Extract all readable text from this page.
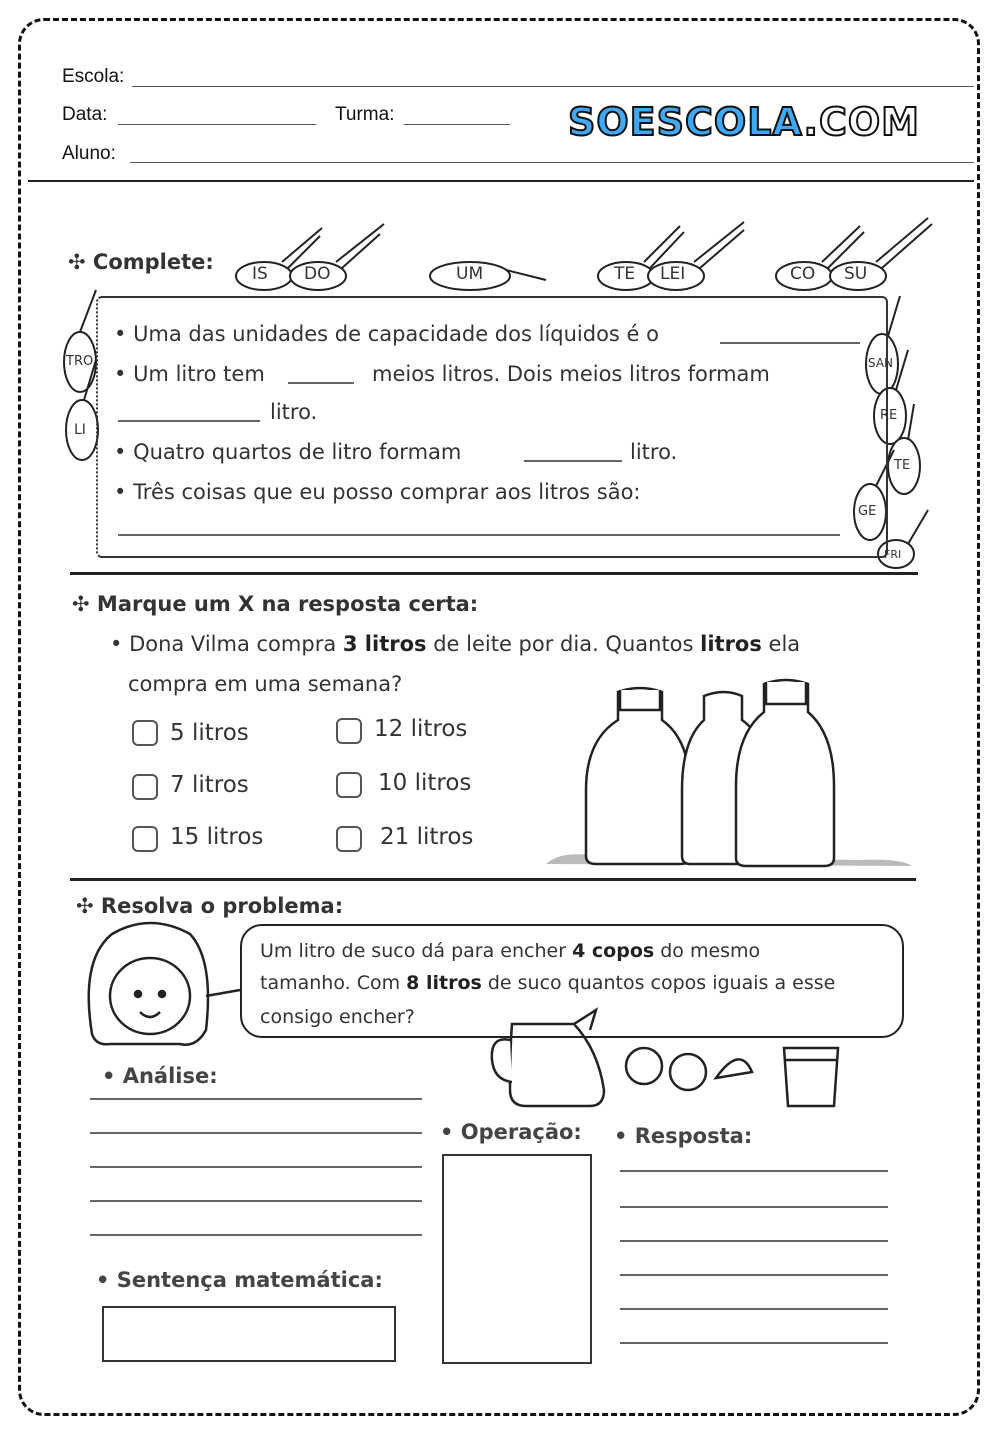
Escola:
Data:	Turma:	SOESCOLA.COM
Aluno:
✣ Complete: IS DO	UM	TE LEI	CO SU
TRO
LI
SAN
RE
TE
GE
FRI
• Uma das unidades de capacidade dos líquidos é o
• Um litro tem	meios litros. Dois meios litros formam
litro.
• Quatro quartos de litro formam	litro.
• Três coisas que eu posso comprar aos litros são:
✣ Marque um X na resposta certa:
• Dona Vilma compra 3 litros de leite por dia. Quantos litros ela
compra em uma semana?
5 litros	12 litros
7 litros	10 litros
15 litros	21 litros
✣ Resolva o problema:
Um litro de suco dá para encher 4 copos do mesmo
tamanho. Com 8 litros de suco quantos copos iguais a esse
consigo encher?
• Análise:
• Operação: • Resposta:
• Sentença matemática:
